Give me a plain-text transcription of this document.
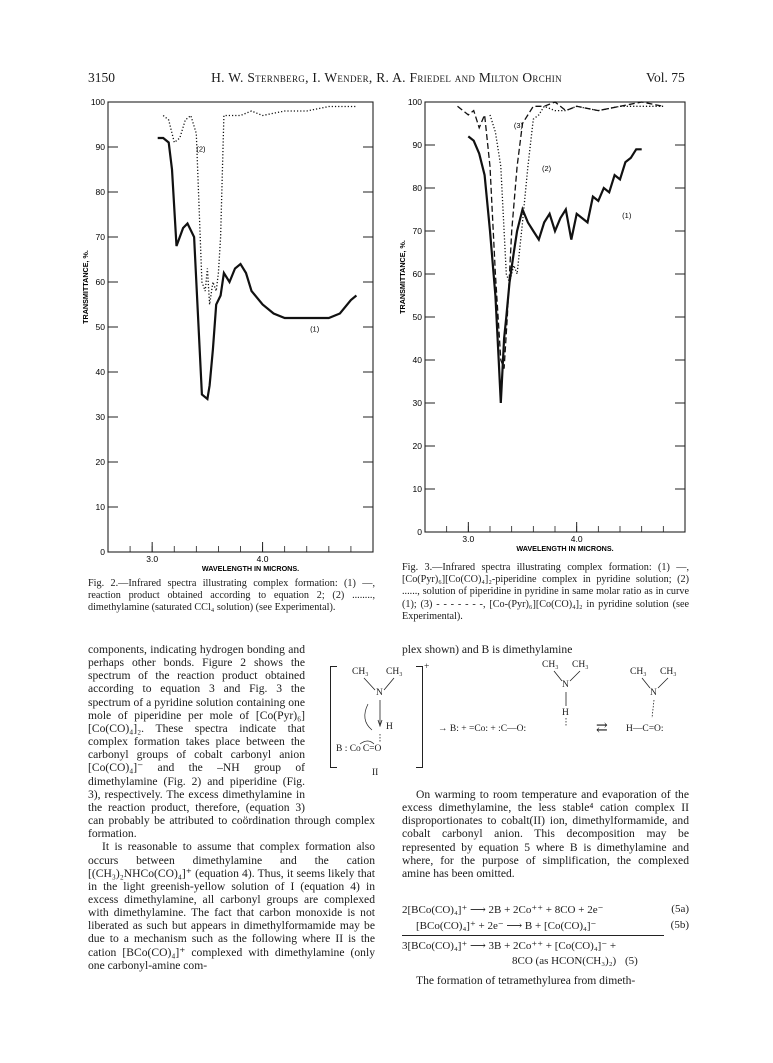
3150	H. W. Sternberg, I. Wender, R. A. Friedel and Milton Orchin	Vol. 75
100
90
80
70
60
50
40
30
20
10
0
3.0	4.0
WAVELENGTH IN MICRONS.
TRANSMITTANCE, %.
(1)
(2)
100
90
80
70
60
50
40
30
20
10
0
3.0	4.0
WAVELENGTH IN MICRONS.
TRANSMITTANCE, %.
(1)
(2)
(3)
Fig. 2.—Infrared spectra illustrating complex formation: (1) —, reaction product obtained according to equation 2; (2) ........, dimethylamine (saturated CCl₄ solution) (see Experimental).
Fig. 3.—Infrared spectra illustrating complex formation: (1) —, [Co(Pyr)₆][Co(CO)₄]₂-piperidine complex in pyridine solution; (2) ......, solution of piperidine in pyridine in same molar ratio as in curve (1); (3) - - - - - - -, [Co-(Pyr)₆][Co(CO)₄]₂ in pyridine solution (see Experimental).

components, indicating hydrogen bonding and perhaps other bonds. Figure 2 shows the spectrum of the reaction product obtained according to equation 3 and Fig. 3 the spectrum of a pyridine solution containing one mole of piperidine per mole of [Co(Pyr)₆][Co(CO)₄]₂. These spectra indicate that complex formation takes place between the carbonyl groups of cobalt carbonyl anion [Co(CO)₄]⁻ and the –NH group of dimethylamine (Fig. 2) and piperidine (Fig. 3), respectively. The excess dimethylamine in the reaction product, therefore, (equation 3) can probably be attributed to coördination through complex formation.

It is reasonable to assume that complex formation also occurs between dimethylamine and the cation [(CH₃)₂NHCo(CO)₄]⁺ (equation 4). Thus, it seems likely that in the light greenish-yellow solution of I (equation 4) in excess dimethylamine, all carbonyl groups are complexed with dimethylamine. The fact that carbon monoxide is not liberated as such but appears in dimethylformamide may be due to a mechanism such as the following where II is the cation [BCo(CO)₄]⁺ complexed with dimethylamine (only one carbonyl-amine com-

plex shown) and B is dimethylamine
+
CH₃ CH₃
N
H
B : Co C=O
II
→ B: + =Co: + :C—O:
CH₃ CH₃
N
H
⇄
CH₃ CH₃
N
H—C=O:
On warming to room temperature and evaporation of the excess dimethylamine, the less stable⁴ cation complex II disproportionates to cobalt(II) ion, dimethylformamide, and cobalt carbonyl anion. This decomposition may be represented by equation 5 where B is dimethylamine and where, for the purpose of simplification, the complexed amine has been omitted.
2[BCo(CO)₄]⁺ ⟶ 2B + 2Co⁺⁺ + 8CO + 2e⁻	(5a)
[BCo(CO)₄]⁺ + 2e⁻ ⟶ B + [Co(CO)₄]⁻	(5b)
3[BCo(CO)₄]⁺ ⟶ 3B + 2Co⁺⁺ + [Co(CO)₄]⁻ +
8CO (as HCON(CH₃)₂) (5)
The formation of tetramethylurea from dimeth-
